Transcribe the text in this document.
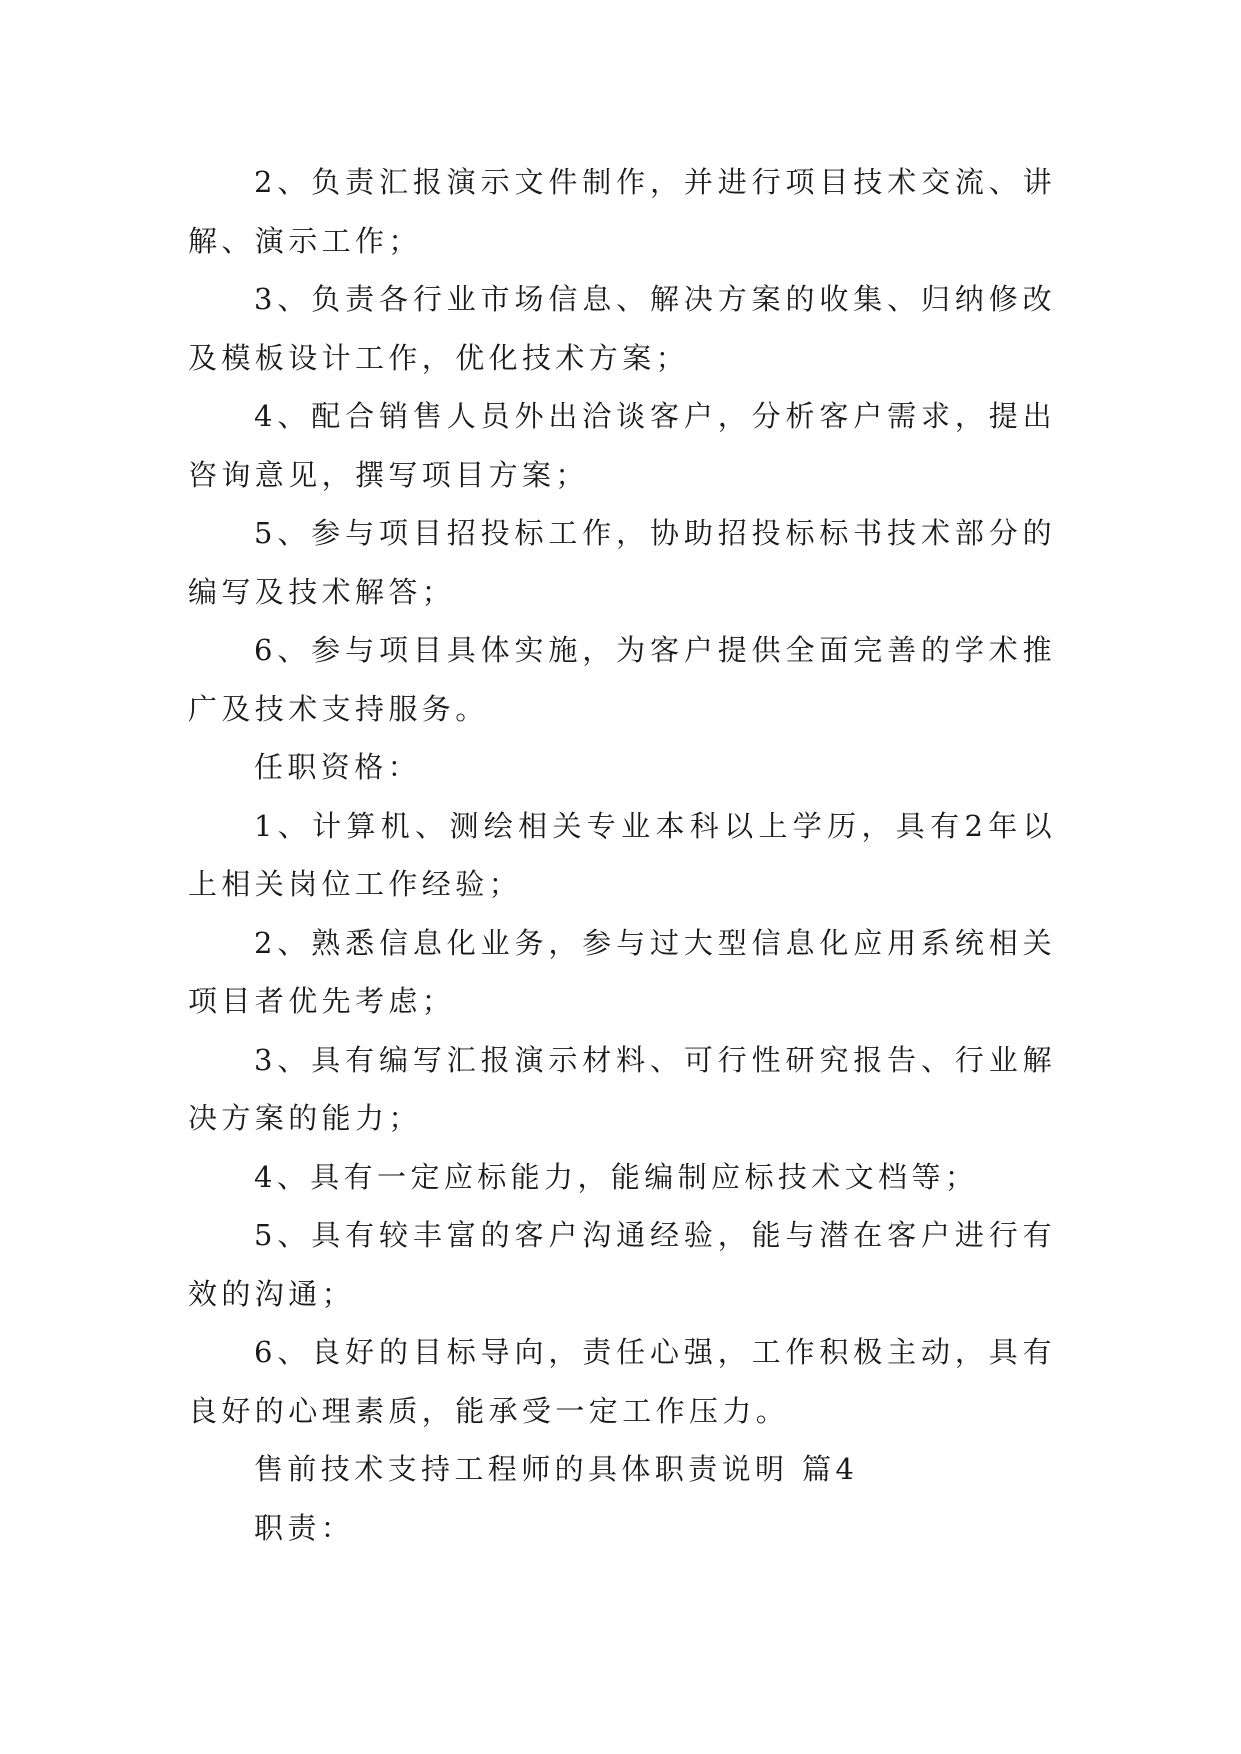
2、负责汇报演示文件制作，并进行项目技术交流、讲解、演示工作；

3、负责各行业市场信息、解决方案的收集、归纳修改及模板设计工作，优化技术方案；

4、配合销售人员外出洽谈客户，分析客户需求，提出咨询意见，撰写项目方案；

5、参与项目招投标工作，协助招投标标书技术部分的编写及技术解答；

6、参与项目具体实施，为客户提供全面完善的学术推广及技术支持服务。

任职资格：

1、计算机、测绘相关专业本科以上学历，具有2年以上相关岗位工作经验；

2、熟悉信息化业务，参与过大型信息化应用系统相关项目者优先考虑；

3、具有编写汇报演示材料、可行性研究报告、行业解决方案的能力；

4、具有一定应标能力，能编制应标技术文档等；

5、具有较丰富的客户沟通经验，能与潜在客户进行有效的沟通；

6、良好的目标导向，责任心强，工作积极主动，具有良好的心理素质，能承受一定工作压力。

售前技术支持工程师的具体职责说明 篇4

职责：
